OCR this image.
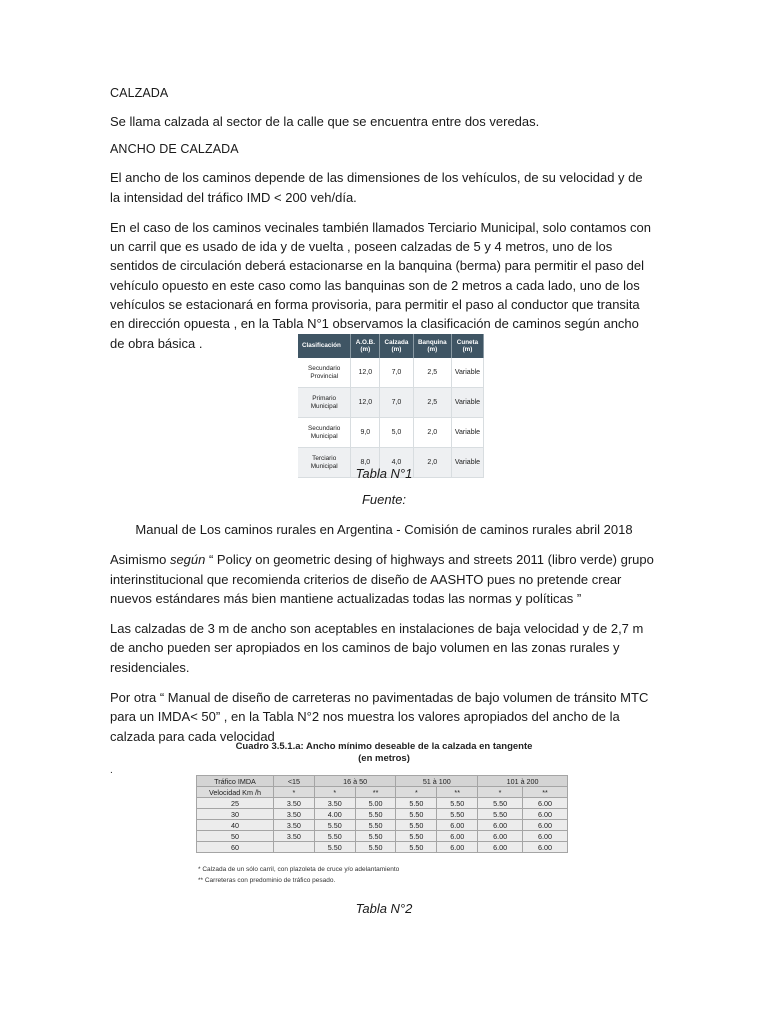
CALZADA
Se llama calzada al sector de la calle que se encuentra entre dos veredas.
ANCHO DE CALZADA
El ancho de los caminos depende de las dimensiones de los vehículos, de su velocidad y de la intensidad del tráfico IMD < 200 veh/día.
En el caso de los caminos vecinales también llamados Terciario Municipal, solo contamos con un carril que es usado de ida y de vuelta , poseen calzadas de 5 y 4 metros, uno de los sentidos de circulación deberá estacionarse en la banquina (berma) para permitir el paso del vehículo opuesto en este caso como las banquinas son de 2 metros a cada lado, uno de los vehículos se estacionará en forma provisoria, para permitir el paso al conductor que transita en dirección opuesta , en la Tabla N°1 observamos la clasificación de caminos según ancho de obra básica .	Clasificación	A.O.B. (m)	Calzada (m)	Banquina (m)	Cuneta (m)
Secundario Provincial	12,0	7,0	2,5	Variable
Primario Municipal	12,0	7,0	2,5	Variable
Secundario Municipal	9,0	5,0	2,0	Variable
Terciario Municipal	8,0	4,0	2,0	Variable

Tabla N°1

Fuente:

Manual de Los caminos rurales en Argentina - Comisión de caminos rurales abril 2018
Asimismo según “ Policy on geometric desing of highways and streets 2011 (libro verde) grupo interinstitucional que recomienda criterios de diseño de AASHTO pues no pretende crear nuevos estándares más bien mantiene actualizadas todas las normas y políticas ”
Las calzadas de 3 m de ancho son aceptables en instalaciones de baja velocidad y de 2,7 m de ancho pueden ser apropiados en los caminos de bajo volumen en las zonas rurales y residenciales.
Por otra “ Manual de diseño de carreteras no pavimentadas de bajo volumen de tránsito MTC para un IMDA< 50” , en la Tabla N°2 nos muestra los valores apropiados del ancho de la calzada para cada velocidad
Cuadro 3.5.1.a: Ancho mínimo deseable de la calzada en tangente
(en metros)
.
Tráfico IMDA	<15	16 à 50		51 à 100		101 à 200	
Velocidad Km /h	*	*	**	*	**	*	**
25	3.50	3.50	5.00	5.50	5.50	5.50	6.00
30	3.50	4.00	5.50	5.50	5.50	5.50	6.00
40	3.50	5.50	5.50	5.50	6.00	6.00	6.00
50	3.50	5.50	5.50	5.50	6.00	6.00	6.00
60		5.50	5.50	5.50	6.00	6.00	6.00
* Calzada de un sólo carril, con plazoleta de cruce y/o adelantamiento
** Carreteras con predominio de tráfico pesado.

Tabla N°2
